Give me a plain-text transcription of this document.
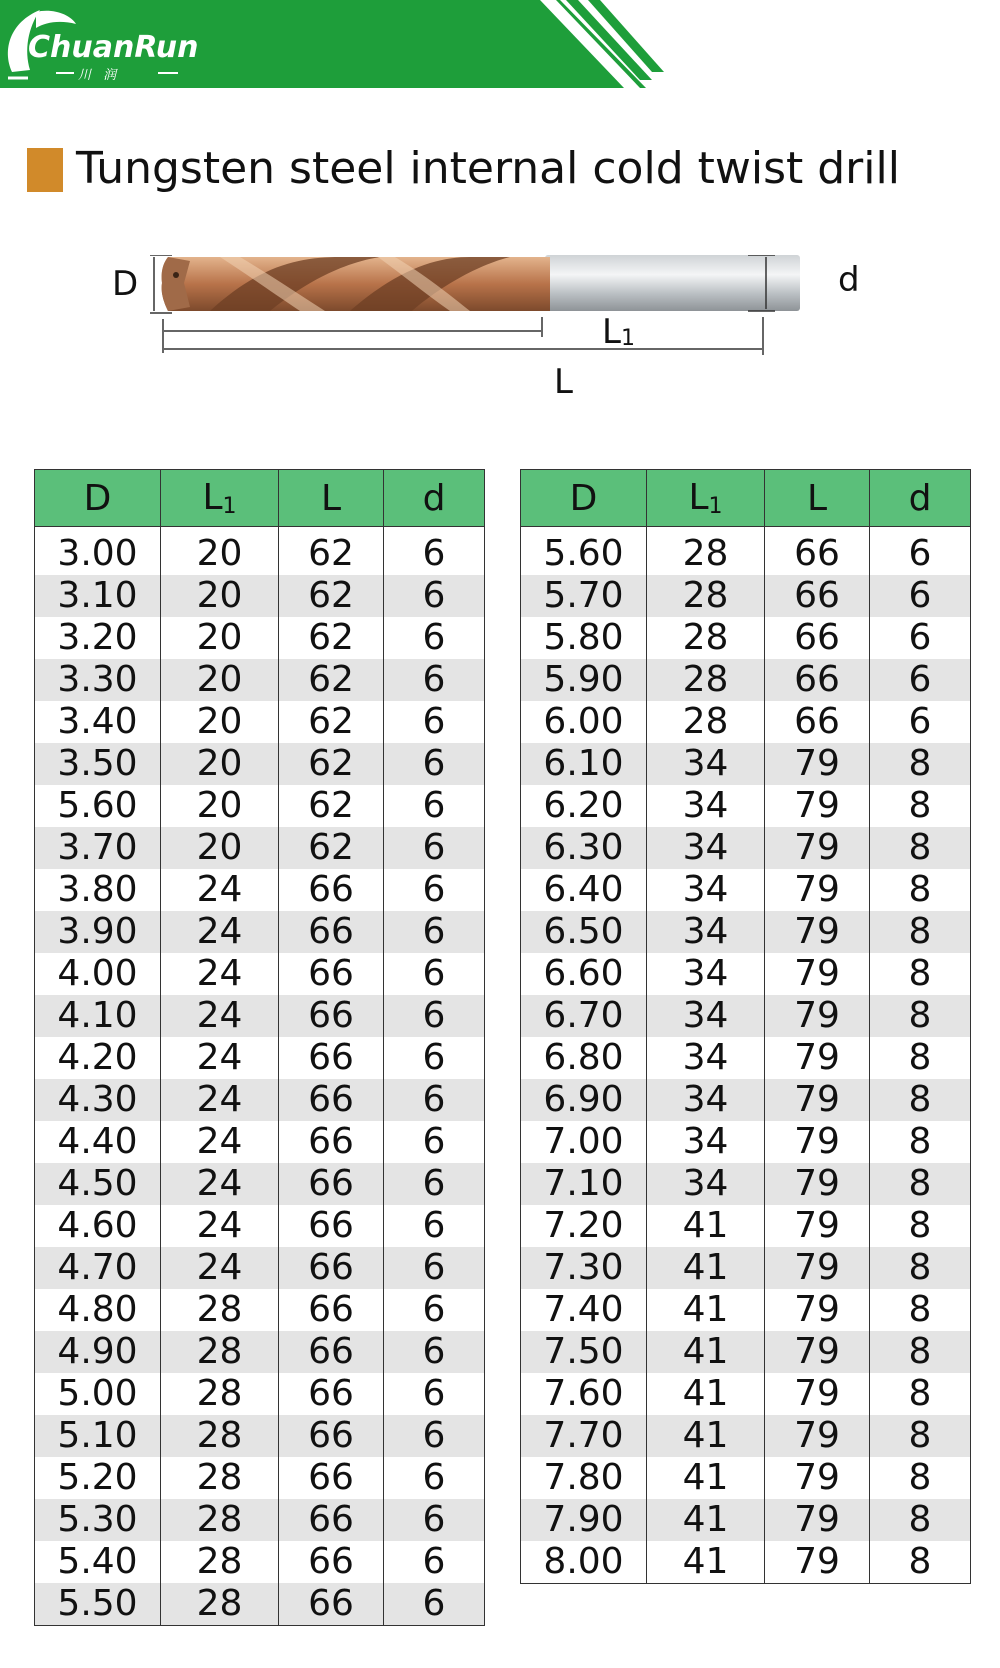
ChuanRun
川 润
Tungsten steel internal cold twist drill
D	d
$L_1$
L
D	$L_1$	L	d
3.00	20	62	6
3.10	20	62	6
3.20	20	62	6
3.30	20	62	6
3.40	20	62	6
3.50	20	62	6
5.60	20	62	6
3.70	20	62	6
3.80	24	66	6
3.90	24	66	6
4.00	24	66	6
4.10	24	66	6
4.20	24	66	6
4.30	24	66	6
4.40	24	66	6
4.50	24	66	6
4.60	24	66	6
4.70	24	66	6
4.80	28	66	6
4.90	28	66	6
5.00	28	66	6
5.10	28	66	6
5.20	28	66	6
5.30	28	66	6
5.40	28	66	6
5.50	28	66	6
D	$L_1$	L	d
5.60	28	66	6
5.70	28	66	6
5.80	28	66	6
5.90	28	66	6
6.00	28	66	6
6.10	34	79	8
6.20	34	79	8
6.30	34	79	8
6.40	34	79	8
6.50	34	79	8
6.60	34	79	8
6.70	34	79	8
6.80	34	79	8
6.90	34	79	8
7.00	34	79	8
7.10	34	79	8
7.20	41	79	8
7.30	41	79	8
7.40	41	79	8
7.50	41	79	8
7.60	41	79	8
7.70	41	79	8
7.80	41	79	8
7.90	41	79	8
8.00	41	79	8
